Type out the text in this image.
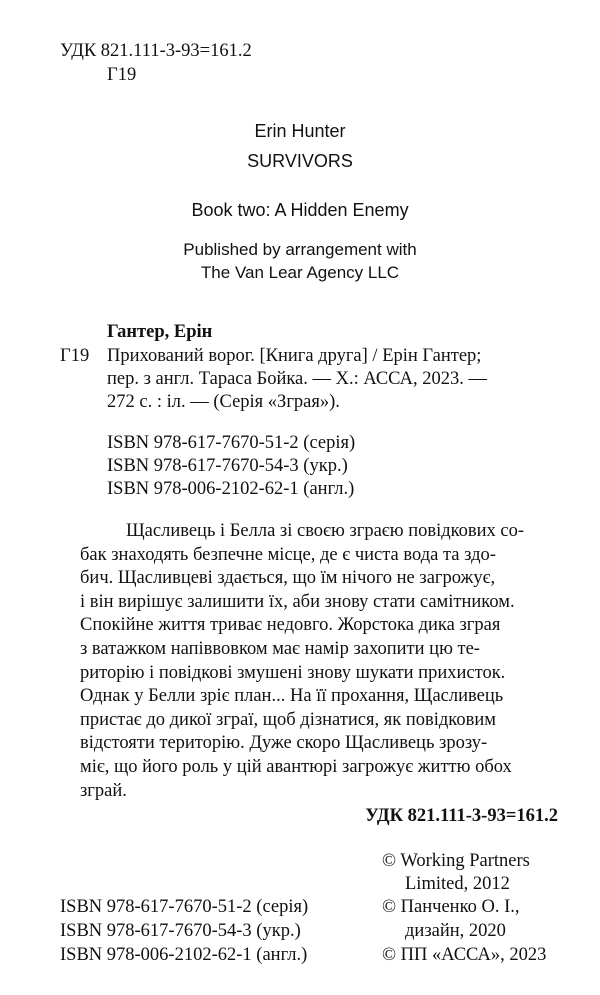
УДК 821.111-3-93=161.2
Г19
Erin Hunter
SURVIVORS
Book two: A Hidden Enemy
Published by arrangement with
The Van Lear Agency LLC
Гантер, Ерін
Г19 Прихований ворог. [Книга друга] / Ерін Гантер;
пер. з англ. Тараса Бойка. — Х.: АССА, 2023. —
272 с. : іл. — (Серія «Зграя»).
ISBN 978-617-7670-51-2 (серія)
ISBN 978-617-7670-54-3 (укр.)
ISBN 978-006-2102-62-1 (англ.)
Щасливець і Белла зі своєю зграєю повідкових со-
бак знаходять безпечне місце, де є чиста вода та здо-
бич. Щасливцеві здається, що їм нічого не загрожує,
і він вирішує залишити їх, аби знову стати самітником.
Спокійне життя триває недовго. Жорстока дика зграя
з ватажком напіввовком має намір захопити цю те-
риторію і повідкові змушені знову шукати прихисток.
Однак у Белли зріє план... На її прохання, Щасливець
пристає до дикої зграї, щоб дізнатися, як повідковим
відстояти територію. Дуже скоро Щасливець зрозу-
міє, що його роль у цій авантюрі загрожує життю обох зграй.
УДК 821.111-3-93=161.2
ISBN 978-617-7670-51-2 (серія)
ISBN 978-617-7670-54-3 (укр.)
ISBN 978-006-2102-62-1 (англ.)
© Working Partners
Limited, 2012
© Панченко О. І.,
дизайн, 2020
© ПП «АССА», 2023
